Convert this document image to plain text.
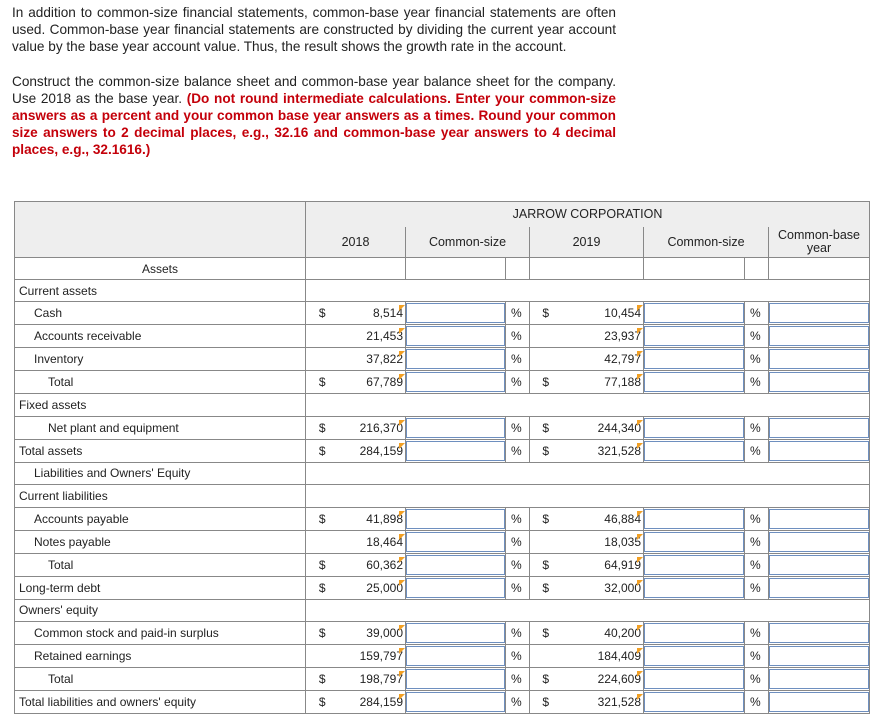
In addition to common-size financial statements, common-base year financial statements are often used. Common-base year financial statements are constructed by dividing the current year account value by the base year account value. Thus, the result shows the growth rate in the account.

Construct the common-size balance sheet and common-base year balance sheet for the company. Use 2018 as the base year. (Do not round intermediate calculations. Enter your common-size answers as a percent and your common base year answers as a times. Round your common size answers to 2 decimal places, e.g., 32.16 and common-base year answers to 4 decimal places, e.g., 32.1616.)

	JARROW CORPORATION								
	2018		Common-size		2019		Common-size		Common-base year
Assets									
Current assets									
Cash	$	8,514		%	$	10,454		%	

Accounts receivable		21,453		%		23,937		%	

Inventory		37,822		%		42,797		%	

Total	$	67,789		%	$	77,188		%	

Fixed assets									
Net plant and equipment	$	216,370		%	$	244,340		%	

Total assets	$	284,159		%	$	321,528		%	

Liabilities and Owners' Equity									
Current liabilities									
Accounts payable	$	41,898		%	$	46,884		%	

Notes payable		18,464		%		18,035		%	

Total	$	60,362		%	$	64,919		%	

Long-term debt	$	25,000		%	$	32,000		%	

Owners' equity									
Common stock and paid-in surplus	$	39,000		%	$	40,200		%	

Retained earnings		159,797		%		184,409		%	

Total	$	198,797		%	$	224,609		%	

Total liabilities and owners' equity	$	284,159		%	$	321,528		%	
